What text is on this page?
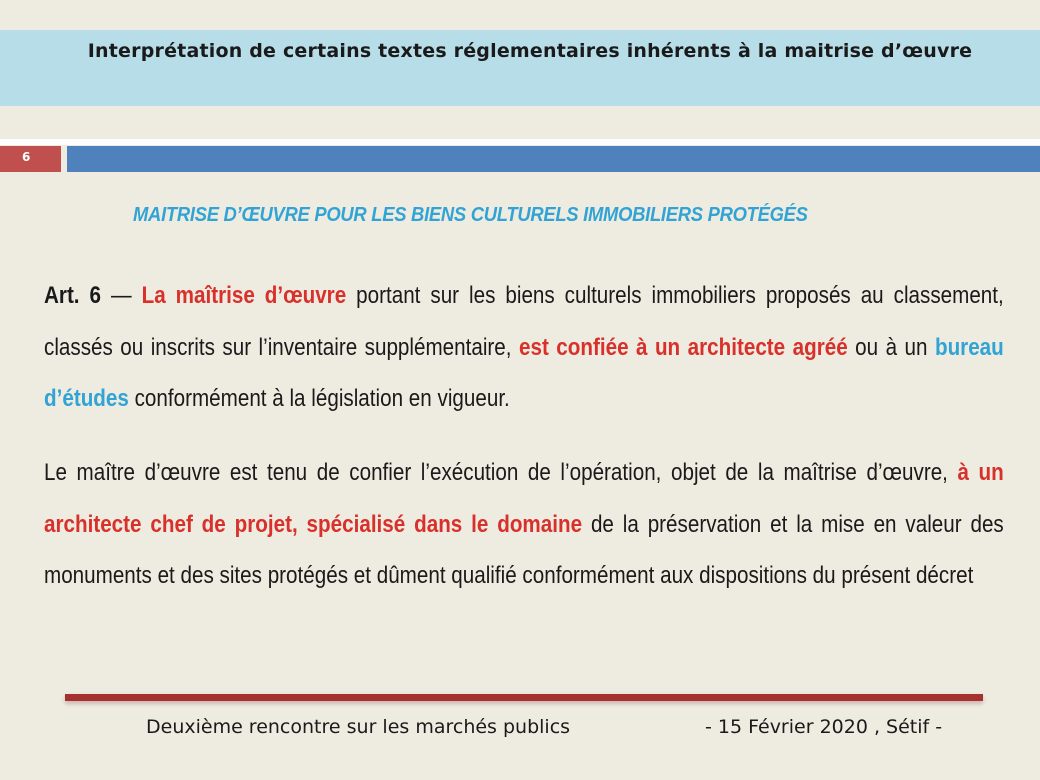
Interprétation de certains textes réglementaires inhérents à la maitrise d’œuvre
6
MAITRISE D’ŒUVRE POUR LES BIENS CULTURELS IMMOBILIERS PROTÉGÉS
Art. 6 — La maîtrise d’œuvre portant sur les biens culturels immobiliers proposés au classement, classés ou inscrits sur l’inventaire supplémentaire, est confiée à un architecte agréé ou à un bureau d’études conformément à la législation en vigueur.
Le maître d’œuvre est tenu de confier l’exécution de l’opération, objet de la maîtrise d’œuvre, à un architecte chef de projet, spécialisé dans le domaine de la préservation et la mise en valeur des monuments et des sites protégés et dûment qualifié conformément aux dispositions du présent décret
Deuxième rencontre sur les marchés publics	- 15 Février 2020 , Sétif -
